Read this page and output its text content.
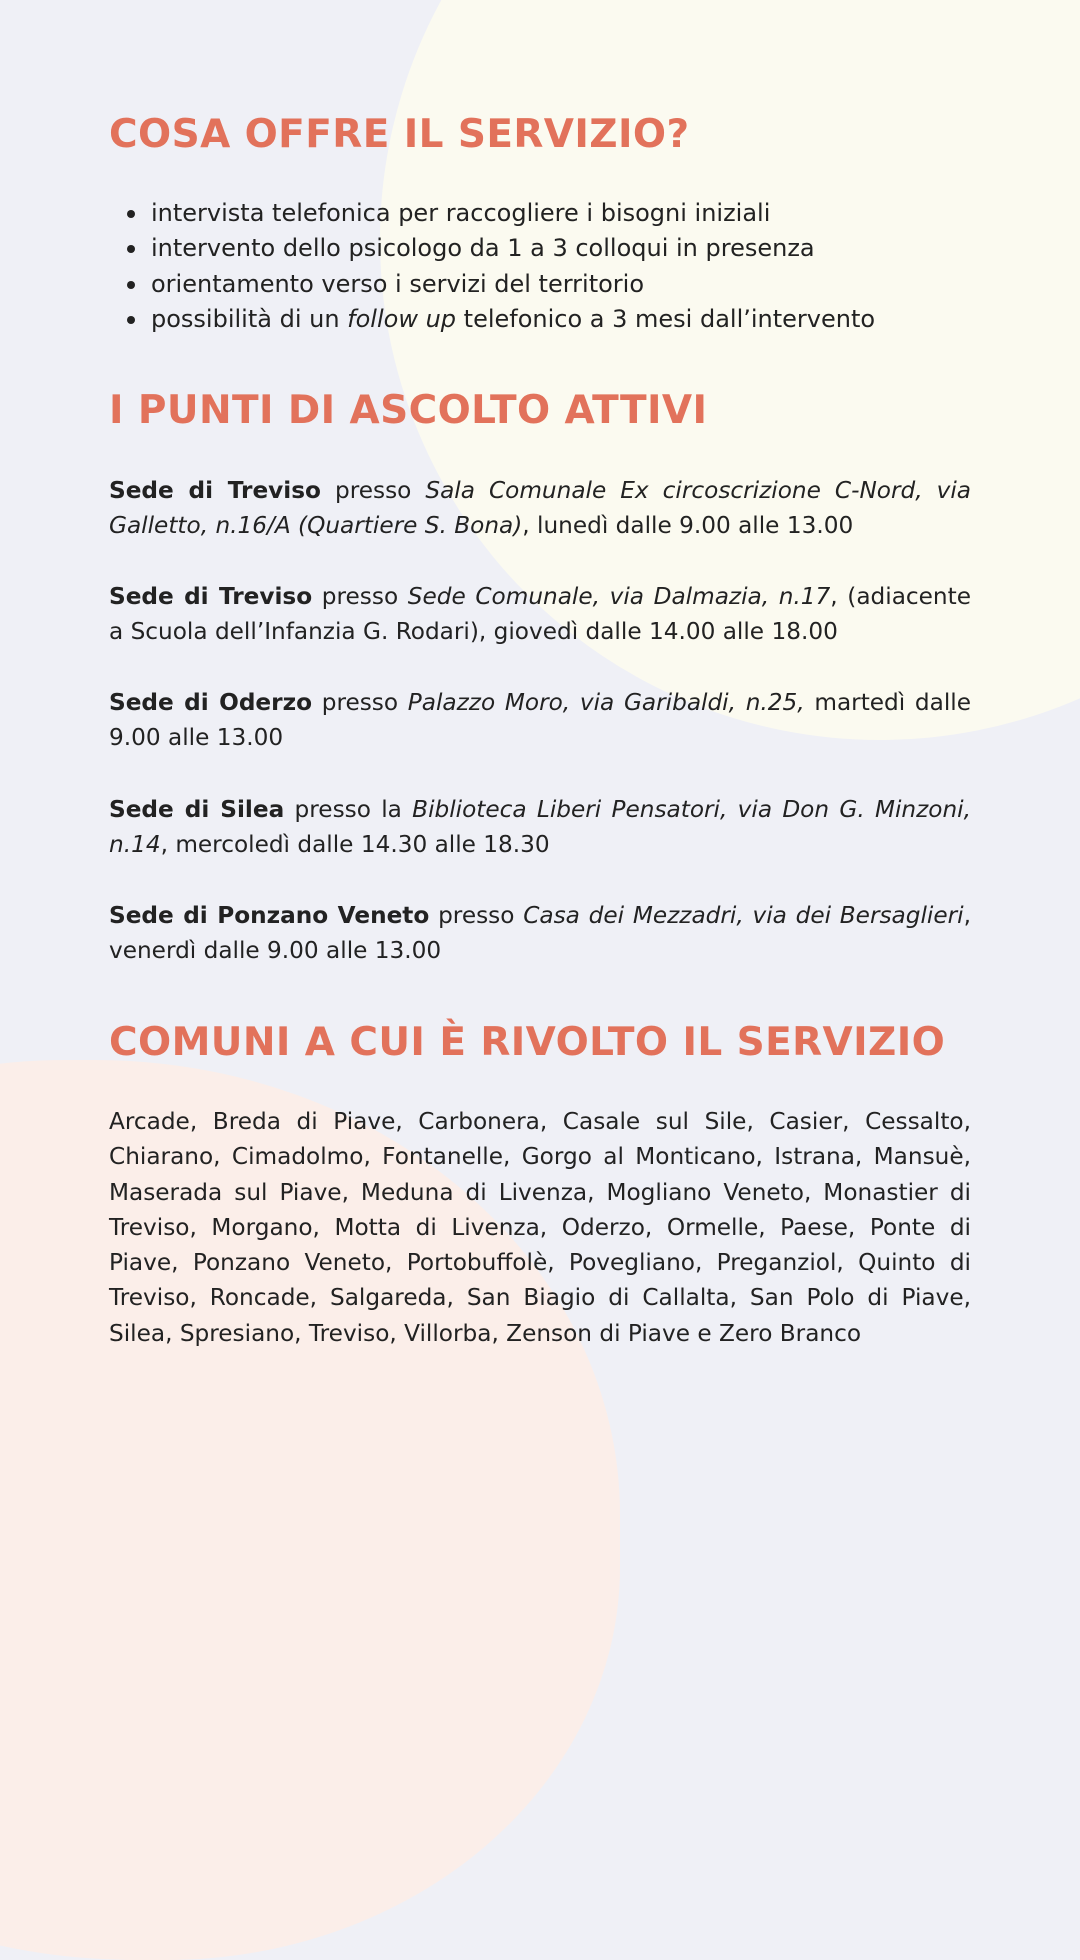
COSA OFFRE IL SERVIZIO?
intervista telefonica per raccogliere i bisogni iniziali
intervento dello psicologo da 1 a 3 colloqui in presenza
orientamento verso i servizi del territorio
possibilità di un follow up telefonico a 3 mesi dall’intervento
I PUNTI DI ASCOLTO ATTIVI

Sede di Treviso presso Sala Comunale Ex circoscrizione C-Nord, via Galletto, n.16/A (Quartiere S. Bona), lunedì dalle 9.00 alle 13.00

Sede di Treviso presso Sede Comunale, via Dalmazia, n.17, (adiacente a Scuola dell’Infanzia G. Rodari), giovedì dalle 14.00 alle 18.00

Sede di Oderzo presso Palazzo Moro, via Garibaldi, n.25, martedì dalle 9.00 alle 13.00

Sede di Silea presso la Biblioteca Liberi Pensatori, via Don G. Minzoni, n.14, mercoledì dalle 14.30 alle 18.30

Sede di Ponzano Veneto presso Casa dei Mezzadri, via dei Bersaglieri, venerdì dalle 9.00 alle 13.00

COMUNI A CUI È RIVOLTO IL SERVIZIO

Arcade, Breda di Piave, Carbonera, Casale sul Sile, Casier, Cessalto, Chiarano, Cimadolmo, Fontanelle, Gorgo al Monticano, Istrana, Mansuè, Maserada sul Piave, Meduna di Livenza, Mogliano Veneto, Monastier di Treviso, Morgano, Motta di Livenza, Oderzo, Ormelle, Paese, Ponte di Piave, Ponzano Veneto, Portobuffolè, Povegliano, Preganziol, Quinto di Treviso, Roncade, Salgareda, San Biagio di Callalta, San Polo di Piave, Silea, Spresiano, Treviso, Villorba, Zenson di Piave e Zero Branco
